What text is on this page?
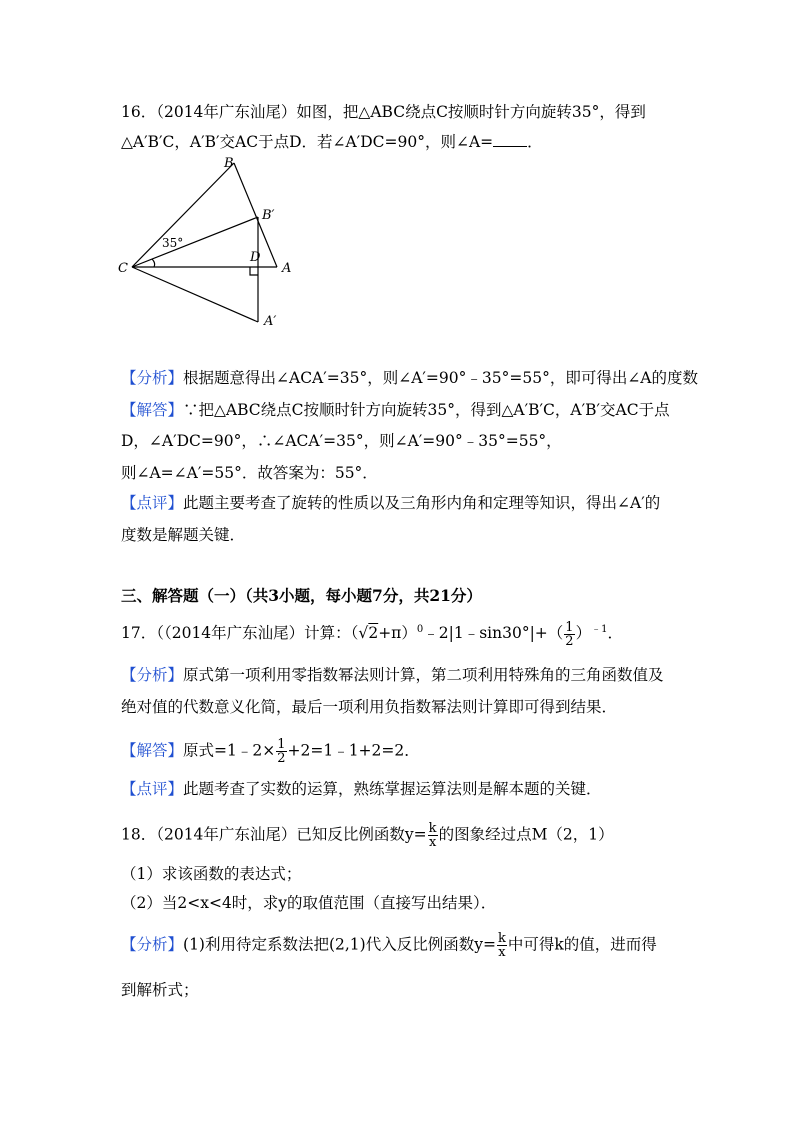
16．（2014年广东汕尾）如图，把△ABC绕点C按顺时针方向旋转35°，得到
△A′B′C，A′B′交AC于点D．若∠A′DC=90°，则∠A= ．
B
B′
C
D
A
A′
35°
【分析】根据题意得出∠ACA′=35°，则∠A′=90°﹣35°=55°，即可得出∠A的度数
【解答】∵把△ABC绕点C按顺时针方向旋转35°，得到△A′B′C，A′B′交AC于点
D，∠A′DC=90°，∴∠ACA′=35°，则∠A′=90°﹣35°=55°，
则∠A=∠A′=55°．故答案为：55°．
【点评】此题主要考查了旋转的性质以及三角形内角和定理等知识，得出∠A′的
度数是解题关键．
三、解答题（一）（共3小题，每小题7分，共21分）
17．（（2014年广东汕尾）计算：$(√2+\pi)^0﹣2|1﹣\sin 30^\circ|+( \frac{1}{2} )^{﹣1}$．
【分析】原式第一项利用零指数幂法则计算，第二项利用特殊角的三角函数值及
绝对值的代数意义化简，最后一项利用负指数幂法则计算即可得到结果．
【解答】原式=1﹣2× $\frac{1}{2}$ +2=1﹣1+2=2．
【点评】此题考查了实数的运算，熟练掌握运算法则是解本题的关键．
18．（2014年广东汕尾）已知反比例函数$y= \frac{k}{x}$ 的图象经过点M（2，1）
（1）求该函数的表达式；
（2）当2<x<4时，求y的取值范围（直接写出结果）．
【分析】(1)利用待定系数法把(2,1)代入反比例函数$y= \frac{k}{x}$ 中可得k的值，进而得
到解析式；
